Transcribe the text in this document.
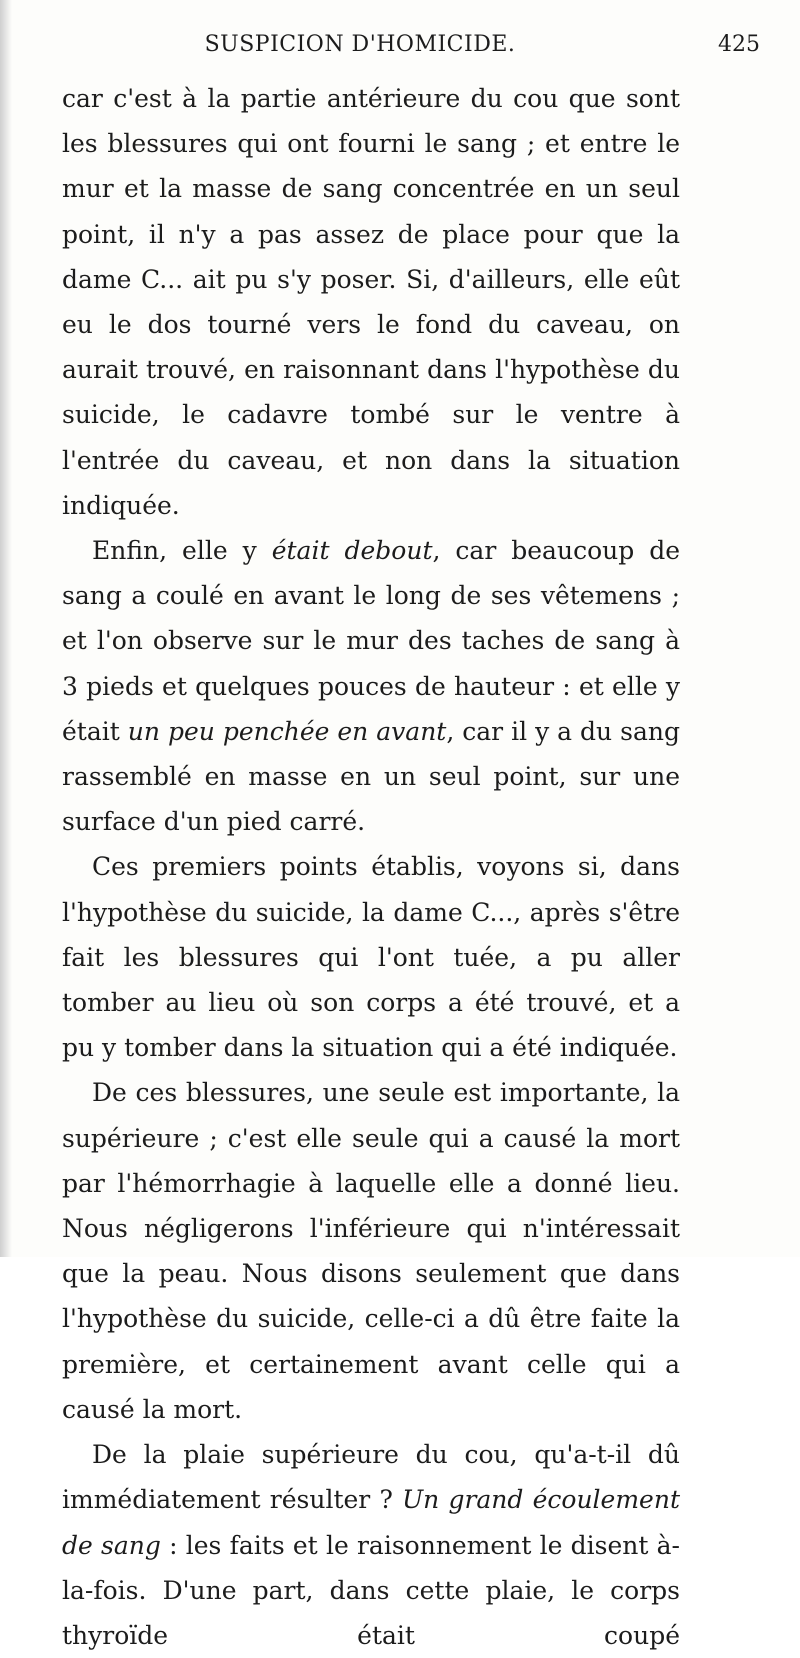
SUSPICION D'HOMICIDE.	425

car c'est à la partie antérieure du cou que sont les blessures qui ont fourni le sang ; et entre le mur et la masse de sang concentrée en un seul point, il n'y a pas assez de place pour que la dame C... ait pu s'y poser. Si, d'ailleurs, elle eût eu le dos tourné vers le fond du caveau, on aurait trouvé, en raisonnant dans l'hypothèse du suicide, le cadavre tombé sur le ventre à l'entrée du caveau, et non dans la situation indiquée.

Enfin, elle y était debout, car beaucoup de sang a coulé en avant le long de ses vêtemens ; et l'on observe sur le mur des taches de sang à 3 pieds et quelques pouces de hauteur : et elle y était un peu penchée en avant, car il y a du sang rassemblé en masse en un seul point, sur une surface d'un pied carré.

Ces premiers points établis, voyons si, dans l'hypothèse du suicide, la dame C..., après s'être fait les blessures qui l'ont tuée, a pu aller tomber au lieu où son corps a été trouvé, et a pu y tomber dans la situation qui a été indiquée.

De ces blessures, une seule est importante, la supérieure ; c'est elle seule qui a causé la mort par l'hémorrhagie à laquelle elle a donné lieu. Nous négligerons l'inférieure qui n'intéressait que la peau. Nous disons seulement que dans l'hypothèse du suicide, celle-ci a dû être faite la première, et certainement avant celle qui a causé la mort.

De la plaie supérieure du cou, qu'a-t-il dû immédiatement résulter ? Un grand écoulement de sang : les faits et le raisonnement le disent à-la-fois. D'une part, dans cette plaie, le corps thyroïde était coupé
